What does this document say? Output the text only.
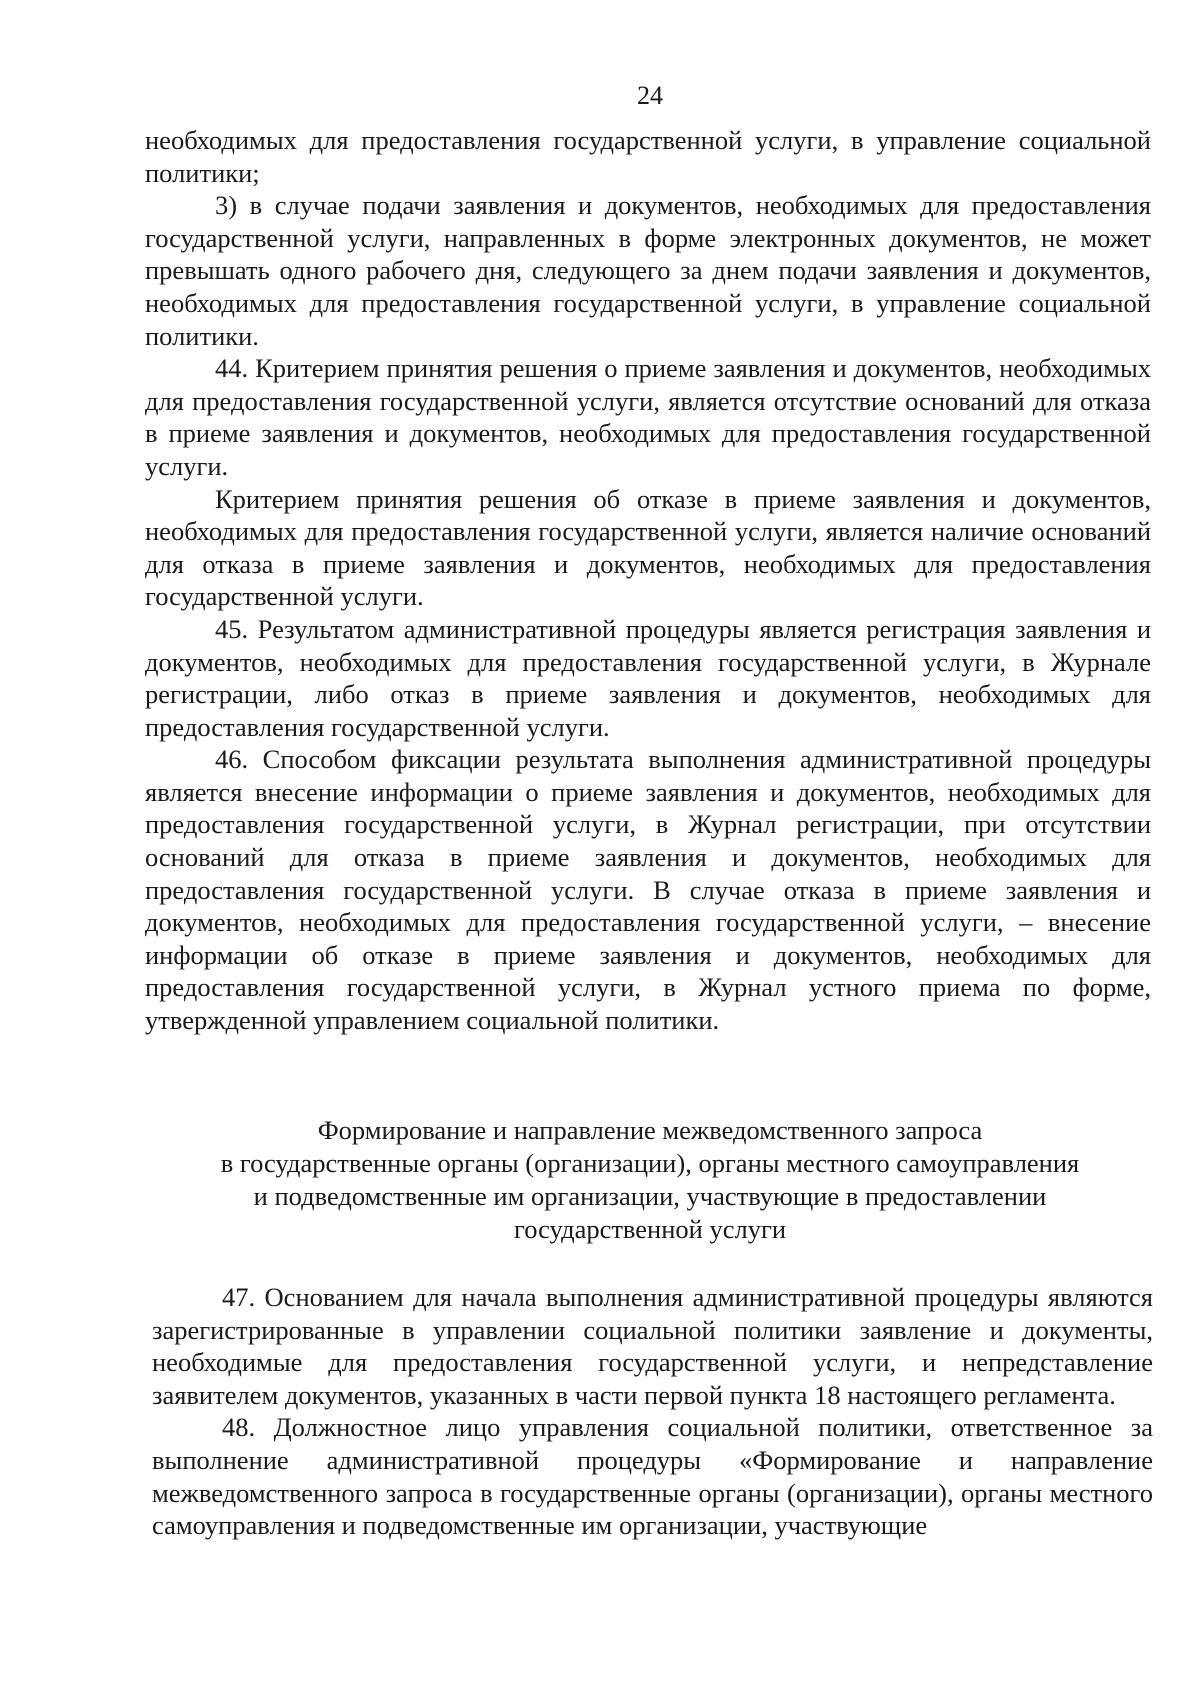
24

необходимых для предоставления государственной услуги, в управление социальной политики;

3) в случае подачи заявления и документов, необходимых для предоставления государственной услуги, направленных в форме электронных документов, не может превышать одного рабочего дня, следующего за днем подачи заявления и документов, необходимых для предоставления государственной услуги, в управление социальной политики.

44. Критерием принятия решения о приеме заявления и документов, необходимых для предоставления государственной услуги, является отсутствие оснований для отказа в приеме заявления и документов, необходимых для предоставления государственной услуги.

Критерием принятия решения об отказе в приеме заявления и документов, необходимых для предоставления государственной услуги, является наличие оснований для отказа в приеме заявления и документов, необходимых для предоставления государственной услуги.

45. Результатом административной процедуры является регистрация заявления и документов, необходимых для предоставления государственной услуги, в Журнале регистрации, либо отказ в приеме заявления и документов, необходимых для предоставления государственной услуги.

46. Способом фиксации результата выполнения административной процедуры является внесение информации о приеме заявления и документов, необходимых для предоставления государственной услуги, в Журнал регистрации, при отсутствии оснований для отказа в приеме заявления и документов, необходимых для предоставления государственной услуги. В случае отказа в приеме заявления и документов, необходимых для предоставления государственной услуги, – внесение информации об отказе в приеме заявления и документов, необходимых для предоставления государственной услуги, в Журнал устного приема по форме, утвержденной управлением социальной политики.

Формирование и направление межведомственного запроса
в государственные органы (организации), органы местного самоуправления
и подведомственные им организации, участвующие в предоставлении
государственной услуги

47. Основанием для начала выполнения административной процедуры являются зарегистрированные в управлении социальной политики заявление и документы, необходимые для предоставления государственной услуги, и непредставление заявителем документов, указанных в части первой пункта 18 настоящего регламента.

48. Должностное лицо управления социальной политики, ответственное за выполнение административной процедуры «Формирование и направление межведомственного запроса в государственные органы (организации), органы местного самоуправления и подведомственные им организации, участвующие
